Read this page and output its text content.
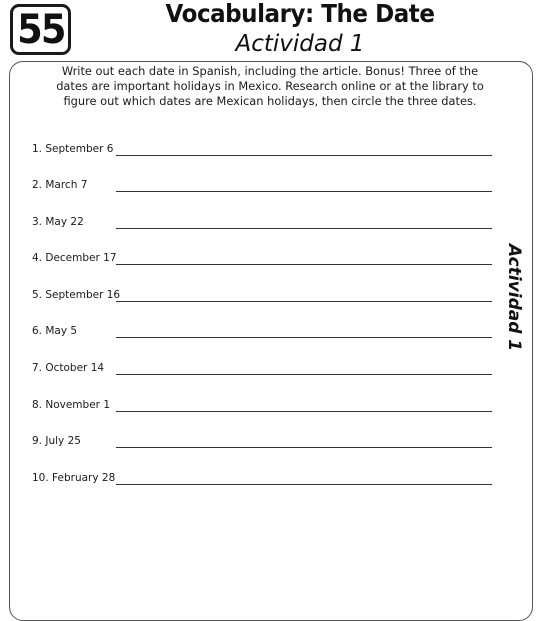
55	Vocabulary: The Date
Actividad 1
Write out each date in Spanish, including the article. Bonus! Three of the dates are important holidays in Mexico. Research online or at the library to figure out which dates are Mexican holidays, then circle the three dates.
1. September 6
2. March 7
3. May 22
4. December 17
5. September 16
6. May 5
7. October 14
8. November 1
9. July 25
10. February 28
Actividad 1
